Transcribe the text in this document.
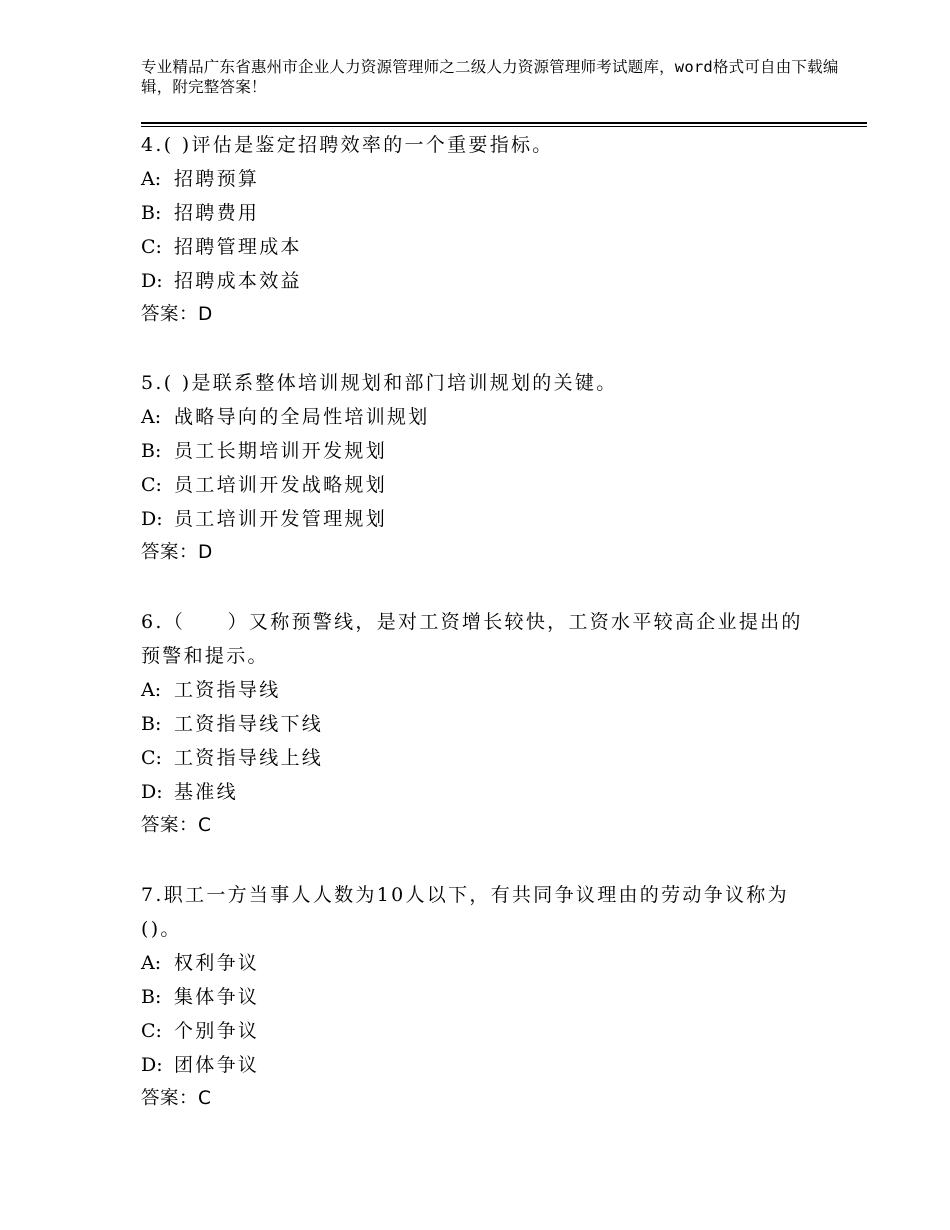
专业精品广东省惠州市企业人力资源管理师之二级人力资源管理师考试题库，word格式可自由下载编辑，附完整答案！
4.( )评估是鉴定招聘效率的一个重要指标。
A: 招聘预算
B: 招聘费用
C: 招聘管理成本
D: 招聘成本效益
答案：D
5.( )是联系整体培训规划和部门培训规划的关键。
A: 战略导向的全局性培训规划
B: 员工长期培训开发规划
C: 员工培训开发战略规划
D: 员工培训开发管理规划
答案：D
6.（　　）又称预警线，是对工资增长较快，工资水平较高企业提出的预警和提示。
A: 工资指导线
B: 工资指导线下线
C: 工资指导线上线
D: 基准线
答案：C
7.职工一方当事人人数为10人以下，有共同争议理由的劳动争议称为()。
A: 权利争议
B: 集体争议
C: 个别争议
D: 团体争议
答案：C
